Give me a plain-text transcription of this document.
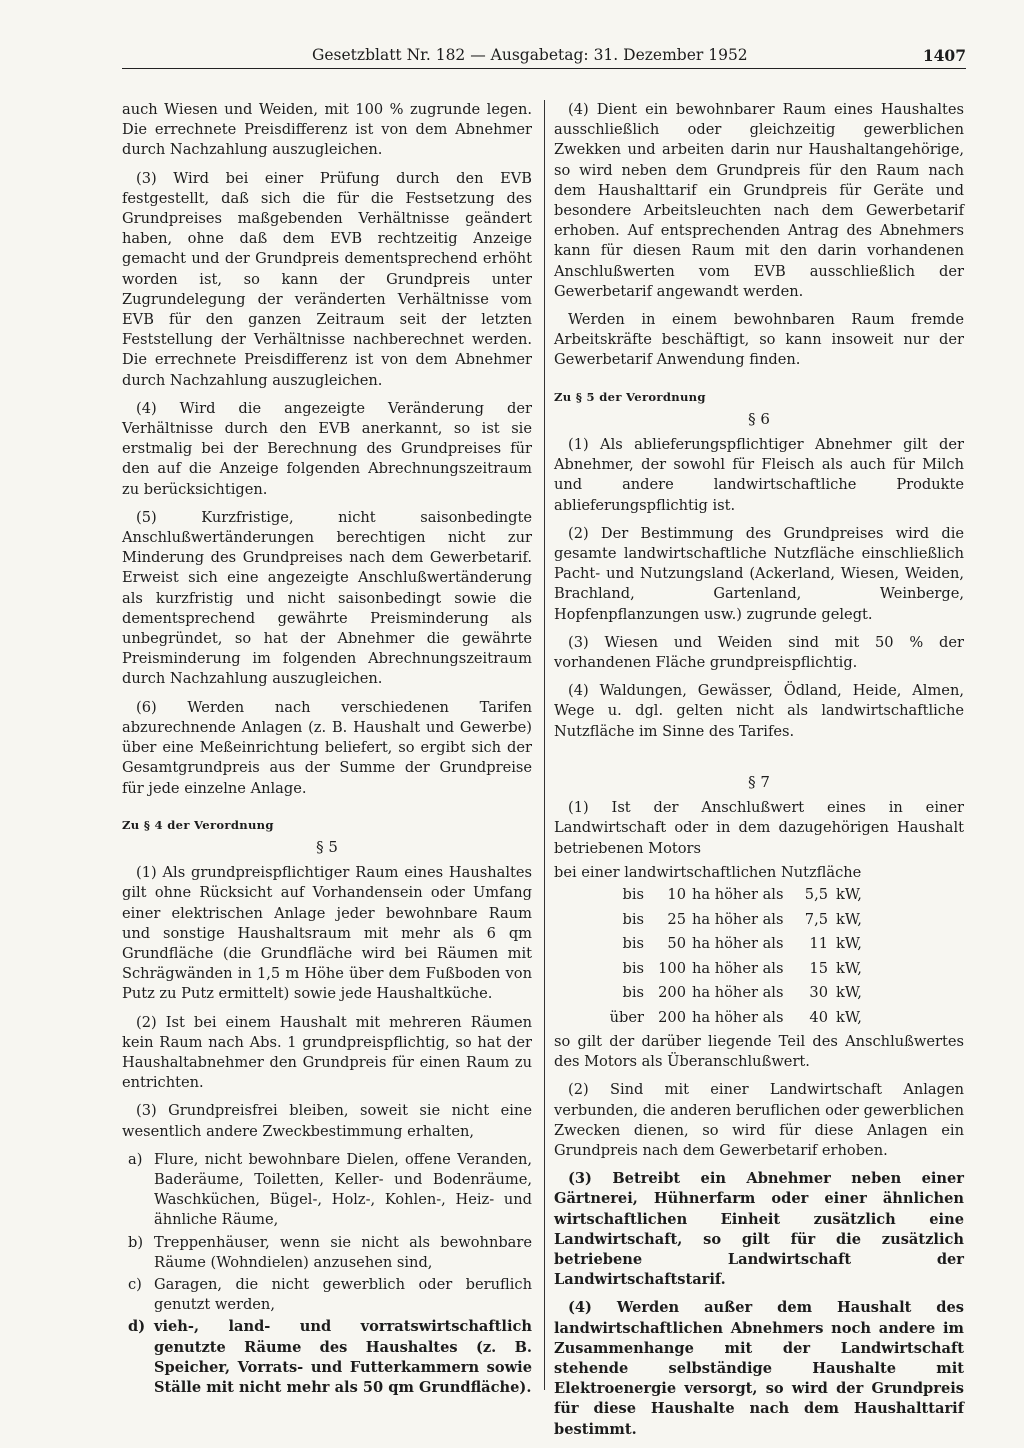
Gesetzblatt Nr. 182 — Ausgabetag: 31. Dezember 1952	1407

auch Wiesen und Weiden, mit 100 % zugrunde legen. Die errechnete Preisdifferenz ist von dem Abnehmer durch Nachzahlung auszugleichen.

(3) Wird bei einer Prüfung durch den EVB festgestellt, daß sich die für die Festsetzung des Grundpreises maßgebenden Verhältnisse geändert haben, ohne daß dem EVB rechtzeitig Anzeige gemacht und der Grundpreis dementsprechend erhöht worden ist, so kann der Grundpreis unter Zugrundelegung der veränderten Verhältnisse vom EVB für den ganzen Zeitraum seit der letzten Feststellung der Verhältnisse nachberechnet werden. Die errechnete Preisdifferenz ist von dem Abnehmer durch Nachzahlung auszugleichen.

(4) Wird die angezeigte Veränderung der Verhältnisse durch den EVB anerkannt, so ist sie erstmalig bei der Berechnung des Grundpreises für den auf die Anzeige folgenden Abrechnungszeitraum zu berücksichtigen.

(5) Kurzfristige, nicht saisonbedingte Anschlußwertänderungen berechtigen nicht zur Minderung des Grundpreises nach dem Gewerbetarif. Erweist sich eine angezeigte Anschlußwertänderung als kurzfristig und nicht saisonbedingt sowie die dementsprechend gewährte Preisminderung als unbegründet, so hat der Abnehmer die gewährte Preisminderung im folgenden Abrechnungszeitraum durch Nachzahlung auszugleichen.

(6) Werden nach verschiedenen Tarifen abzurechnende Anlagen (z. B. Haushalt und Gewerbe) über eine Meßeinrichtung beliefert, so ergibt sich der Gesamtgrundpreis aus der Summe der Grundpreise für jede einzelne Anlage.

Zu § 4 der Verordnung
§ 5

(1) Als grundpreispflichtiger Raum eines Haushaltes gilt ohne Rücksicht auf Vorhandensein oder Umfang einer elektrischen Anlage jeder bewohnbare Raum und sonstige Haushaltsraum mit mehr als 6 qm Grundfläche (die Grundfläche wird bei Räumen mit Schrägwänden in 1,5 m Höhe über dem Fußboden von Putz zu Putz ermittelt) sowie jede Haushaltküche.

(2) Ist bei einem Haushalt mit mehreren Räumen kein Raum nach Abs. 1 grundpreispflichtig, so hat der Haushaltabnehmer den Grundpreis für einen Raum zu entrichten.

(3) Grundpreisfrei bleiben, soweit sie nicht eine wesentlich andere Zweckbestimmung erhalten,

a) Flure, nicht bewohnbare Dielen, offene Veranden, Baderäume, Toiletten, Keller- und Bodenräume, Waschküchen, Bügel-, Holz-, Kohlen-, Heiz- und ähnliche Räume,
b) Treppenhäuser, wenn sie nicht als bewohnbare Räume (Wohndielen) anzusehen sind,
c) Garagen, die nicht gewerblich oder beruflich genutzt werden,
d) vieh-, land- und vorratswirtschaftlich genutzte Räume des Haushaltes (z. B. Speicher, Vorrats- und Futterkammern sowie Ställe mit nicht mehr als 50 qm Grundfläche).

(4) Dient ein bewohnbarer Raum eines Haushaltes ausschließlich oder gleichzeitig gewerblichen Zwekken und arbeiten darin nur Haushaltangehörige, so wird neben dem Grundpreis für den Raum nach dem Haushalttarif ein Grundpreis für Geräte und besondere Arbeitsleuchten nach dem Gewerbetarif erhoben. Auf entsprechenden Antrag des Abnehmers kann für diesen Raum mit den darin vorhandenen Anschlußwerten vom EVB ausschließlich der Gewerbetarif angewandt werden.

Werden in einem bewohnbaren Raum fremde Arbeitskräfte beschäftigt, so kann insoweit nur der Gewerbetarif Anwendung finden.

Zu § 5 der Verordnung
§ 6

(1) Als ablieferungspflichtiger Abnehmer gilt der Abnehmer, der sowohl für Fleisch als auch für Milch und andere landwirtschaftliche Produkte ablieferungspflichtig ist.

(2) Der Bestimmung des Grundpreises wird die gesamte landwirtschaftliche Nutzfläche einschließlich Pacht- und Nutzungsland (Ackerland, Wiesen, Weiden, Brachland, Gartenland, Weinberge, Hopfenpflanzungen usw.) zugrunde gelegt.

(3) Wiesen und Weiden sind mit 50 % der vorhandenen Fläche grundpreispflichtig.

(4) Waldungen, Gewässer, Ödland, Heide, Almen, Wege u. dgl. gelten nicht als landwirtschaftliche Nutzfläche im Sinne des Tarifes.

§ 7

(1) Ist der Anschlußwert eines in einer Landwirtschaft oder in dem dazugehörigen Haushalt betriebenen Motors

bei einer landwirtschaftlichen Nutzfläche

bis	10 ha höher als	5,5 kW,
bis	25 ha höher als	7,5 kW,
bis	50 ha höher als	11 kW,
bis 100 ha höher als	15 kW,
bis 200 ha höher als	30 kW,
über 200 ha höher als	40 kW,

so gilt der darüber liegende Teil des Anschlußwertes des Motors als Überanschlußwert.

(2) Sind mit einer Landwirtschaft Anlagen verbunden, die anderen beruflichen oder gewerblichen Zwecken dienen, so wird für diese Anlagen ein Grundpreis nach dem Gewerbetarif erhoben.

(3) Betreibt ein Abnehmer neben einer Gärtnerei, Hühnerfarm oder einer ähnlichen wirtschaftlichen Einheit zusätzlich eine Landwirtschaft, so gilt für die zusätzlich betriebene Landwirtschaft der Landwirtschaftstarif.

(4) Werden außer dem Haushalt des landwirtschaftlichen Abnehmers noch andere im Zusammenhange mit der Landwirtschaft stehende selbständige Haushalte mit Elektroenergie versorgt, so wird der Grundpreis für diese Haushalte nach dem Haushalttarif bestimmt.
